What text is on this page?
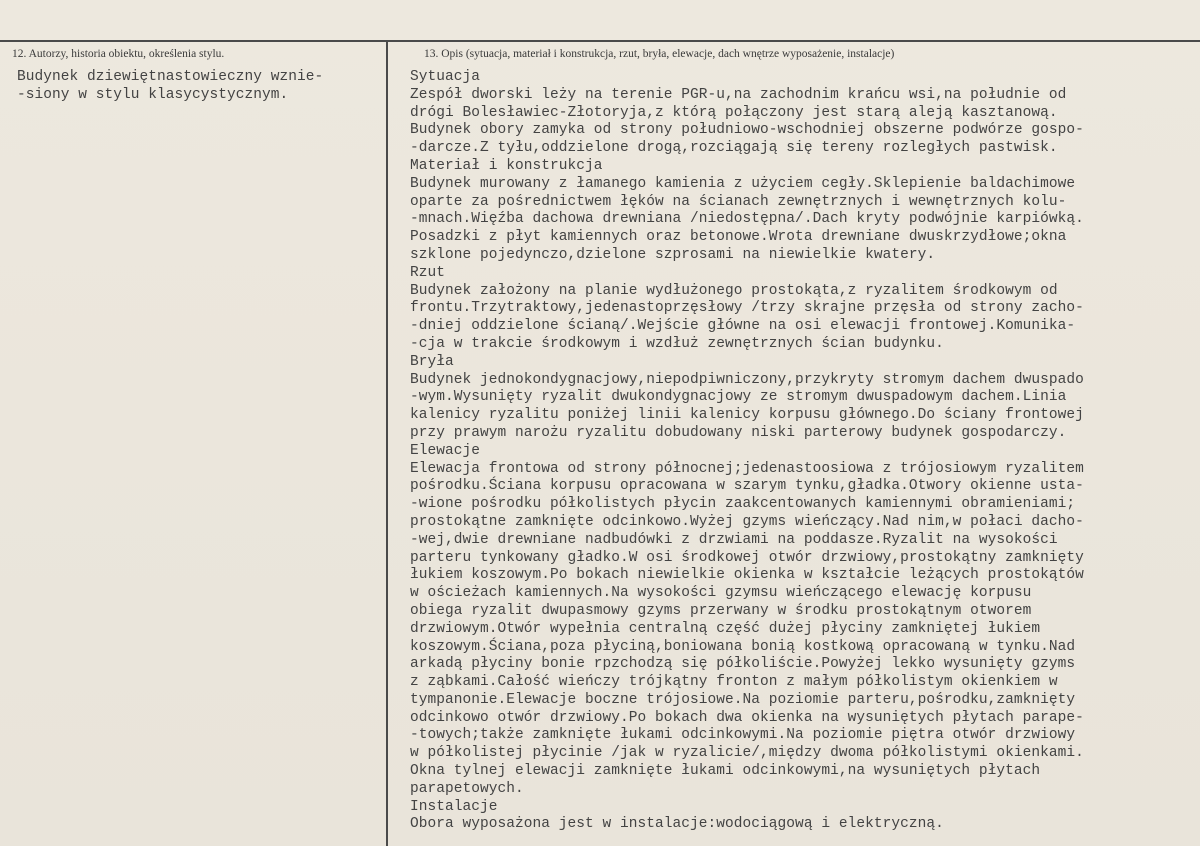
12. Autorzy, historia obiektu, określenia stylu.	13. Opis (sytuacja, materiał i konstrukcja, rzut, bryła, elewacje, dach wnętrze wyposażenie, instalacje)
Budynek dziewiętnastowieczny wznie-
-siony w stylu klasycystycznym.
Sytuacja
Zespół dworski leży na terenie PGR-u,na zachodnim krańcu wsi,na południe od
drógi Bolesławiec-Złotoryja,z którą połączony jest starą aleją kasztanową.
Budynek obory zamyka od strony południowo-wschodniej obszerne podwórze gospo-
-darcze.Z tyłu,oddzielone drogą,rozciągają się tereny rozległych pastwisk.
Materiał i konstrukcja
Budynek murowany z łamanego kamienia z użyciem cegły.Sklepienie baldachimowe
oparte za pośrednictwem łęków na ścianach zewnętrznych i wewnętrznych kolu-
-mnach.Więźba dachowa drewniana /niedostępna/.Dach kryty podwójnie karpiówką.
Posadzki z płyt kamiennych oraz betonowe.Wrota drewniane dwuskrzydłowe;okna
szklone pojedynczo,dzielone szprosami na niewielkie kwatery.
Rzut
Budynek założony na planie wydłużonego prostokąta,z ryzalitem środkowym od
frontu.Trzytraktowy,jedenastoprzęsłowy /trzy skrajne przęsła od strony zacho-
-dniej oddzielone ścianą/.Wejście główne na osi elewacji frontowej.Komunika-
-cja w trakcie środkowym i wzdłuż zewnętrznych ścian budynku.
Bryła
Budynek jednokondygnacjowy,niepodpiwniczony,przykryty stromym dachem dwuspado
-wym.Wysunięty ryzalit dwukondygnacjowy ze stromym dwuspadowym dachem.Linia
kalenicy ryzalitu poniżej linii kalenicy korpusu głównego.Do ściany frontowej
przy prawym narożu ryzalitu dobudowany niski parterowy budynek gospodarczy.
Elewacje
Elewacja frontowa od strony północnej;jedenastoosiowa z trójosiowym ryzalitem
pośrodku.Ściana korpusu opracowana w szarym tynku,gładka.Otwory okienne usta-
-wione pośrodku półkolistych płycin zaakcentowanych kamiennymi obramieniami;
prostokątne zamknięte odcinkowo.Wyżej gzyms wieńczący.Nad nim,w połaci dacho-
-wej,dwie drewniane nadbudówki z drzwiami na poddasze.Ryzalit na wysokości
parteru tynkowany gładko.W osi środkowej otwór drzwiowy,prostokątny zamknięty
łukiem koszowym.Po bokach niewielkie okienka w kształcie leżących prostokątów
w ościeżach kamiennych.Na wysokości gzymsu wieńczącego elewację korpusu
obiega ryzalit dwupasmowy gzyms przerwany w środku prostokątnym otworem
drzwiowym.Otwór wypełnia centralną część dużej płyciny zamkniętej łukiem
koszowym.Ściana,poza płyciną,boniowana bonią kostkową opracowaną w tynku.Nad
arkadą płyciny bonie rpzchodzą się półkoliście.Powyżej lekko wysunięty gzyms
z ząbkami.Całość wieńczy trójkątny fronton z małym półkolistym okienkiem w
tympanonie.Elewacje boczne trójosiowe.Na poziomie parteru,pośrodku,zamknięty
odcinkowo otwór drzwiowy.Po bokach dwa okienka na wysuniętych płytach parape-
-towych;także zamknięte łukami odcinkowymi.Na poziomie piętra otwór drzwiowy
w półkolistej płycinie /jak w ryzalicie/,między dwoma półkolistymi okienkami.
Okna tylnej elewacji zamknięte łukami odcinkowymi,na wysuniętych płytach
parapetowych.
Instalacje
Obora wyposażona jest w instalacje:wodociągową i elektryczną.
